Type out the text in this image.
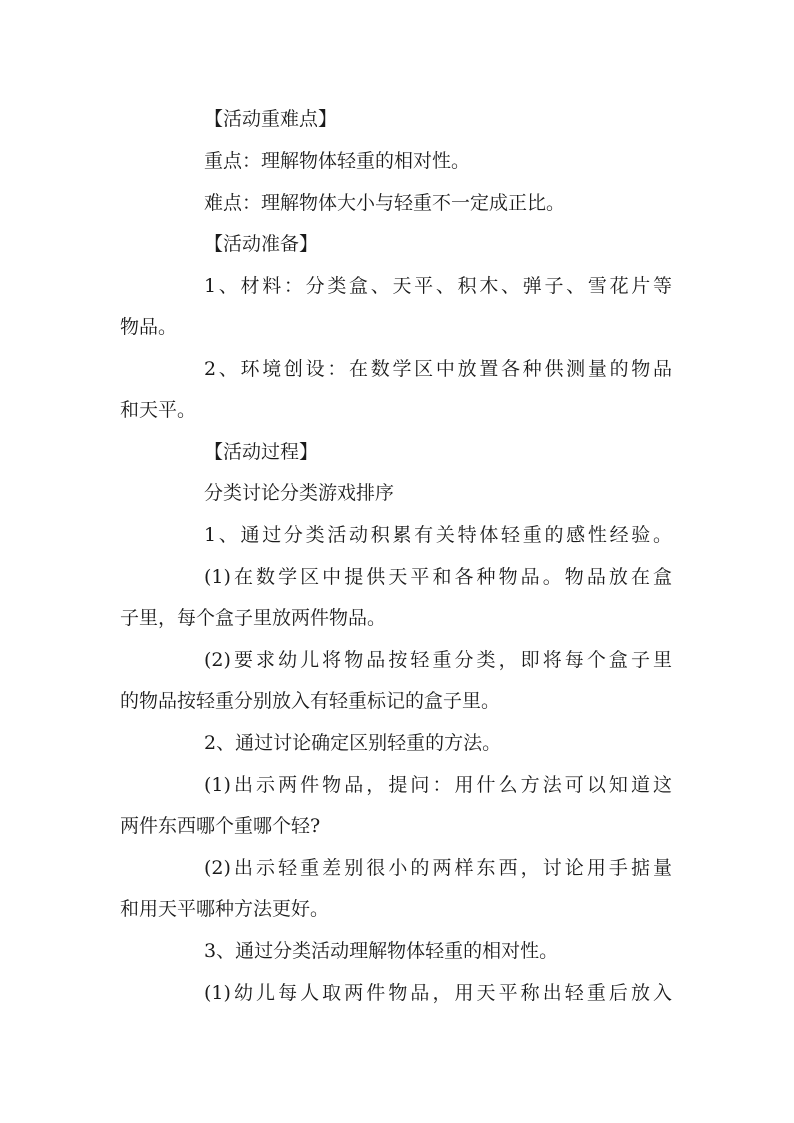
【活动重难点】
重点：理解物体轻重的相对性。
难点：理解物体大小与轻重不一定成正比。
【活动准备】
1、材料：分类盒、天平、积木、弹子、雪花片等
物品。
2、环境创设：在数学区中放置各种供测量的物品
和天平。
【活动过程】
分类讨论分类游戏排序
1、通过分类活动积累有关特体轻重的感性经验。
(1)在数学区中提供天平和各种物品。物品放在盒
子里，每个盒子里放两件物品。
(2)要求幼儿将物品按轻重分类，即将每个盒子里
的物品按轻重分别放入有轻重标记的盒子里。
2、通过讨论确定区别轻重的方法。
(1)出示两件物品，提问：用什么方法可以知道这
两件东西哪个重哪个轻?
(2)出示轻重差别很小的两样东西，讨论用手掂量
和用天平哪种方法更好。
3、通过分类活动理解物体轻重的相对性。
(1)幼儿每人取两件物品，用天平称出轻重后放入
